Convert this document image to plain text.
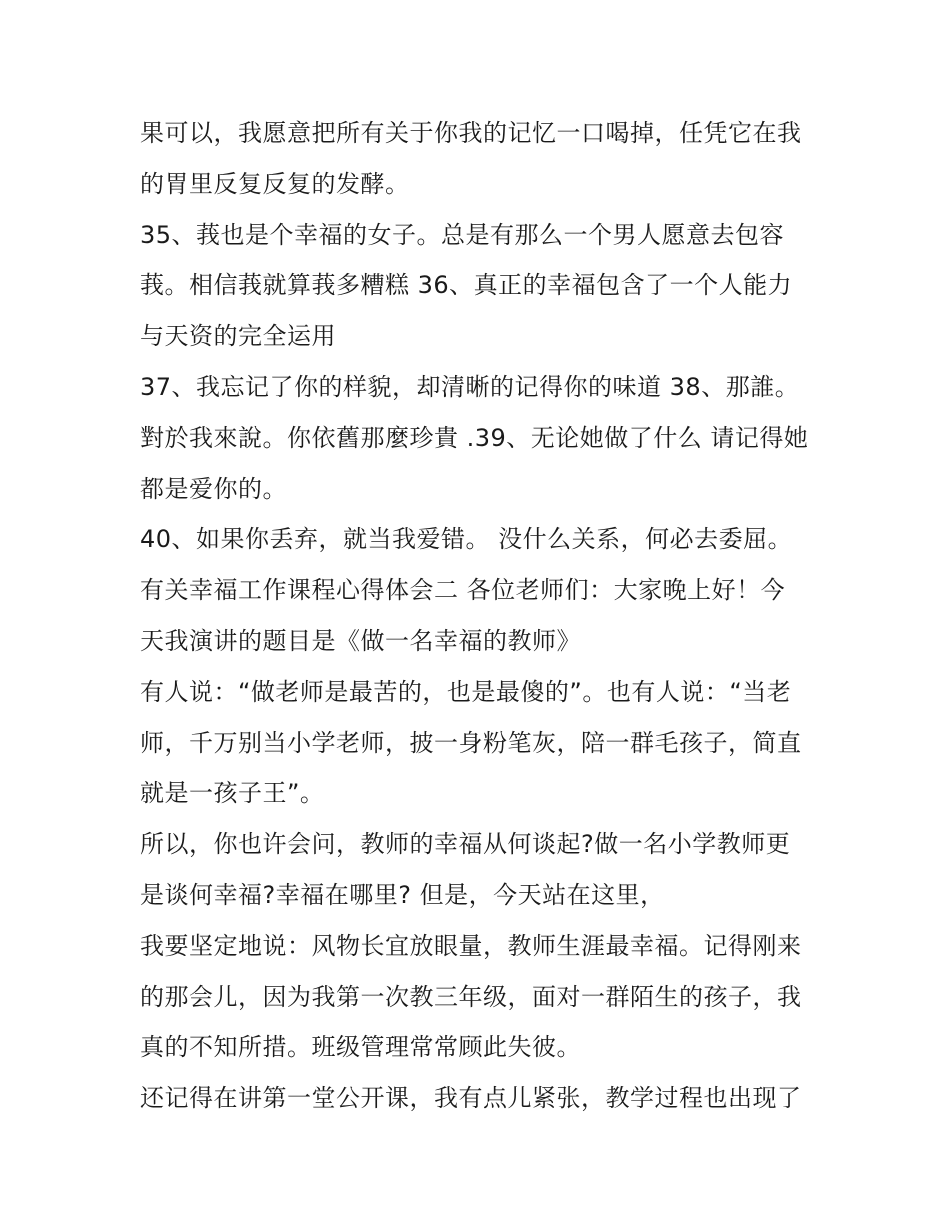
果可以，我愿意把所有关于你我的记忆一口喝掉，任凭它在我
的胃里反复反复的发酵。
35、莪也是个幸福的女子。总是有那么一个男人愿意去包容
莪。相信莪就算莪多糟糕 36、真正的幸福包含了一个人能力
与天资的完全运用
37、我忘记了你的样貌，却清晰的记得你的味道 38、那誰。
對於我來說。你依舊那麼珍貴 .39、无论她做了什么 请记得她
都是爱你的。
40、如果你丢弃，就当我爱错。 没什么关系，何必去委屈。
有关幸福工作课程心得体会二 各位老师们：大家晚上好！今
天我演讲的题目是《做一名幸福的教师》
有人说：“做老师是最苦的，也是最傻的”。也有人说：“当老
师，千万别当小学老师，披一身粉笔灰，陪一群毛孩子，简直
就是一孩子王”。
所以，你也许会问，教师的幸福从何谈起?做一名小学教师更
是谈何幸福?幸福在哪里? 但是，今天站在这里，
我要坚定地说：风物长宜放眼量，教师生涯最幸福。记得刚来
的那会儿，因为我第一次教三年级，面对一群陌生的孩子，我
真的不知所措。班级管理常常顾此失彼。
还记得在讲第一堂公开课，我有点儿紧张，教学过程也出现了
